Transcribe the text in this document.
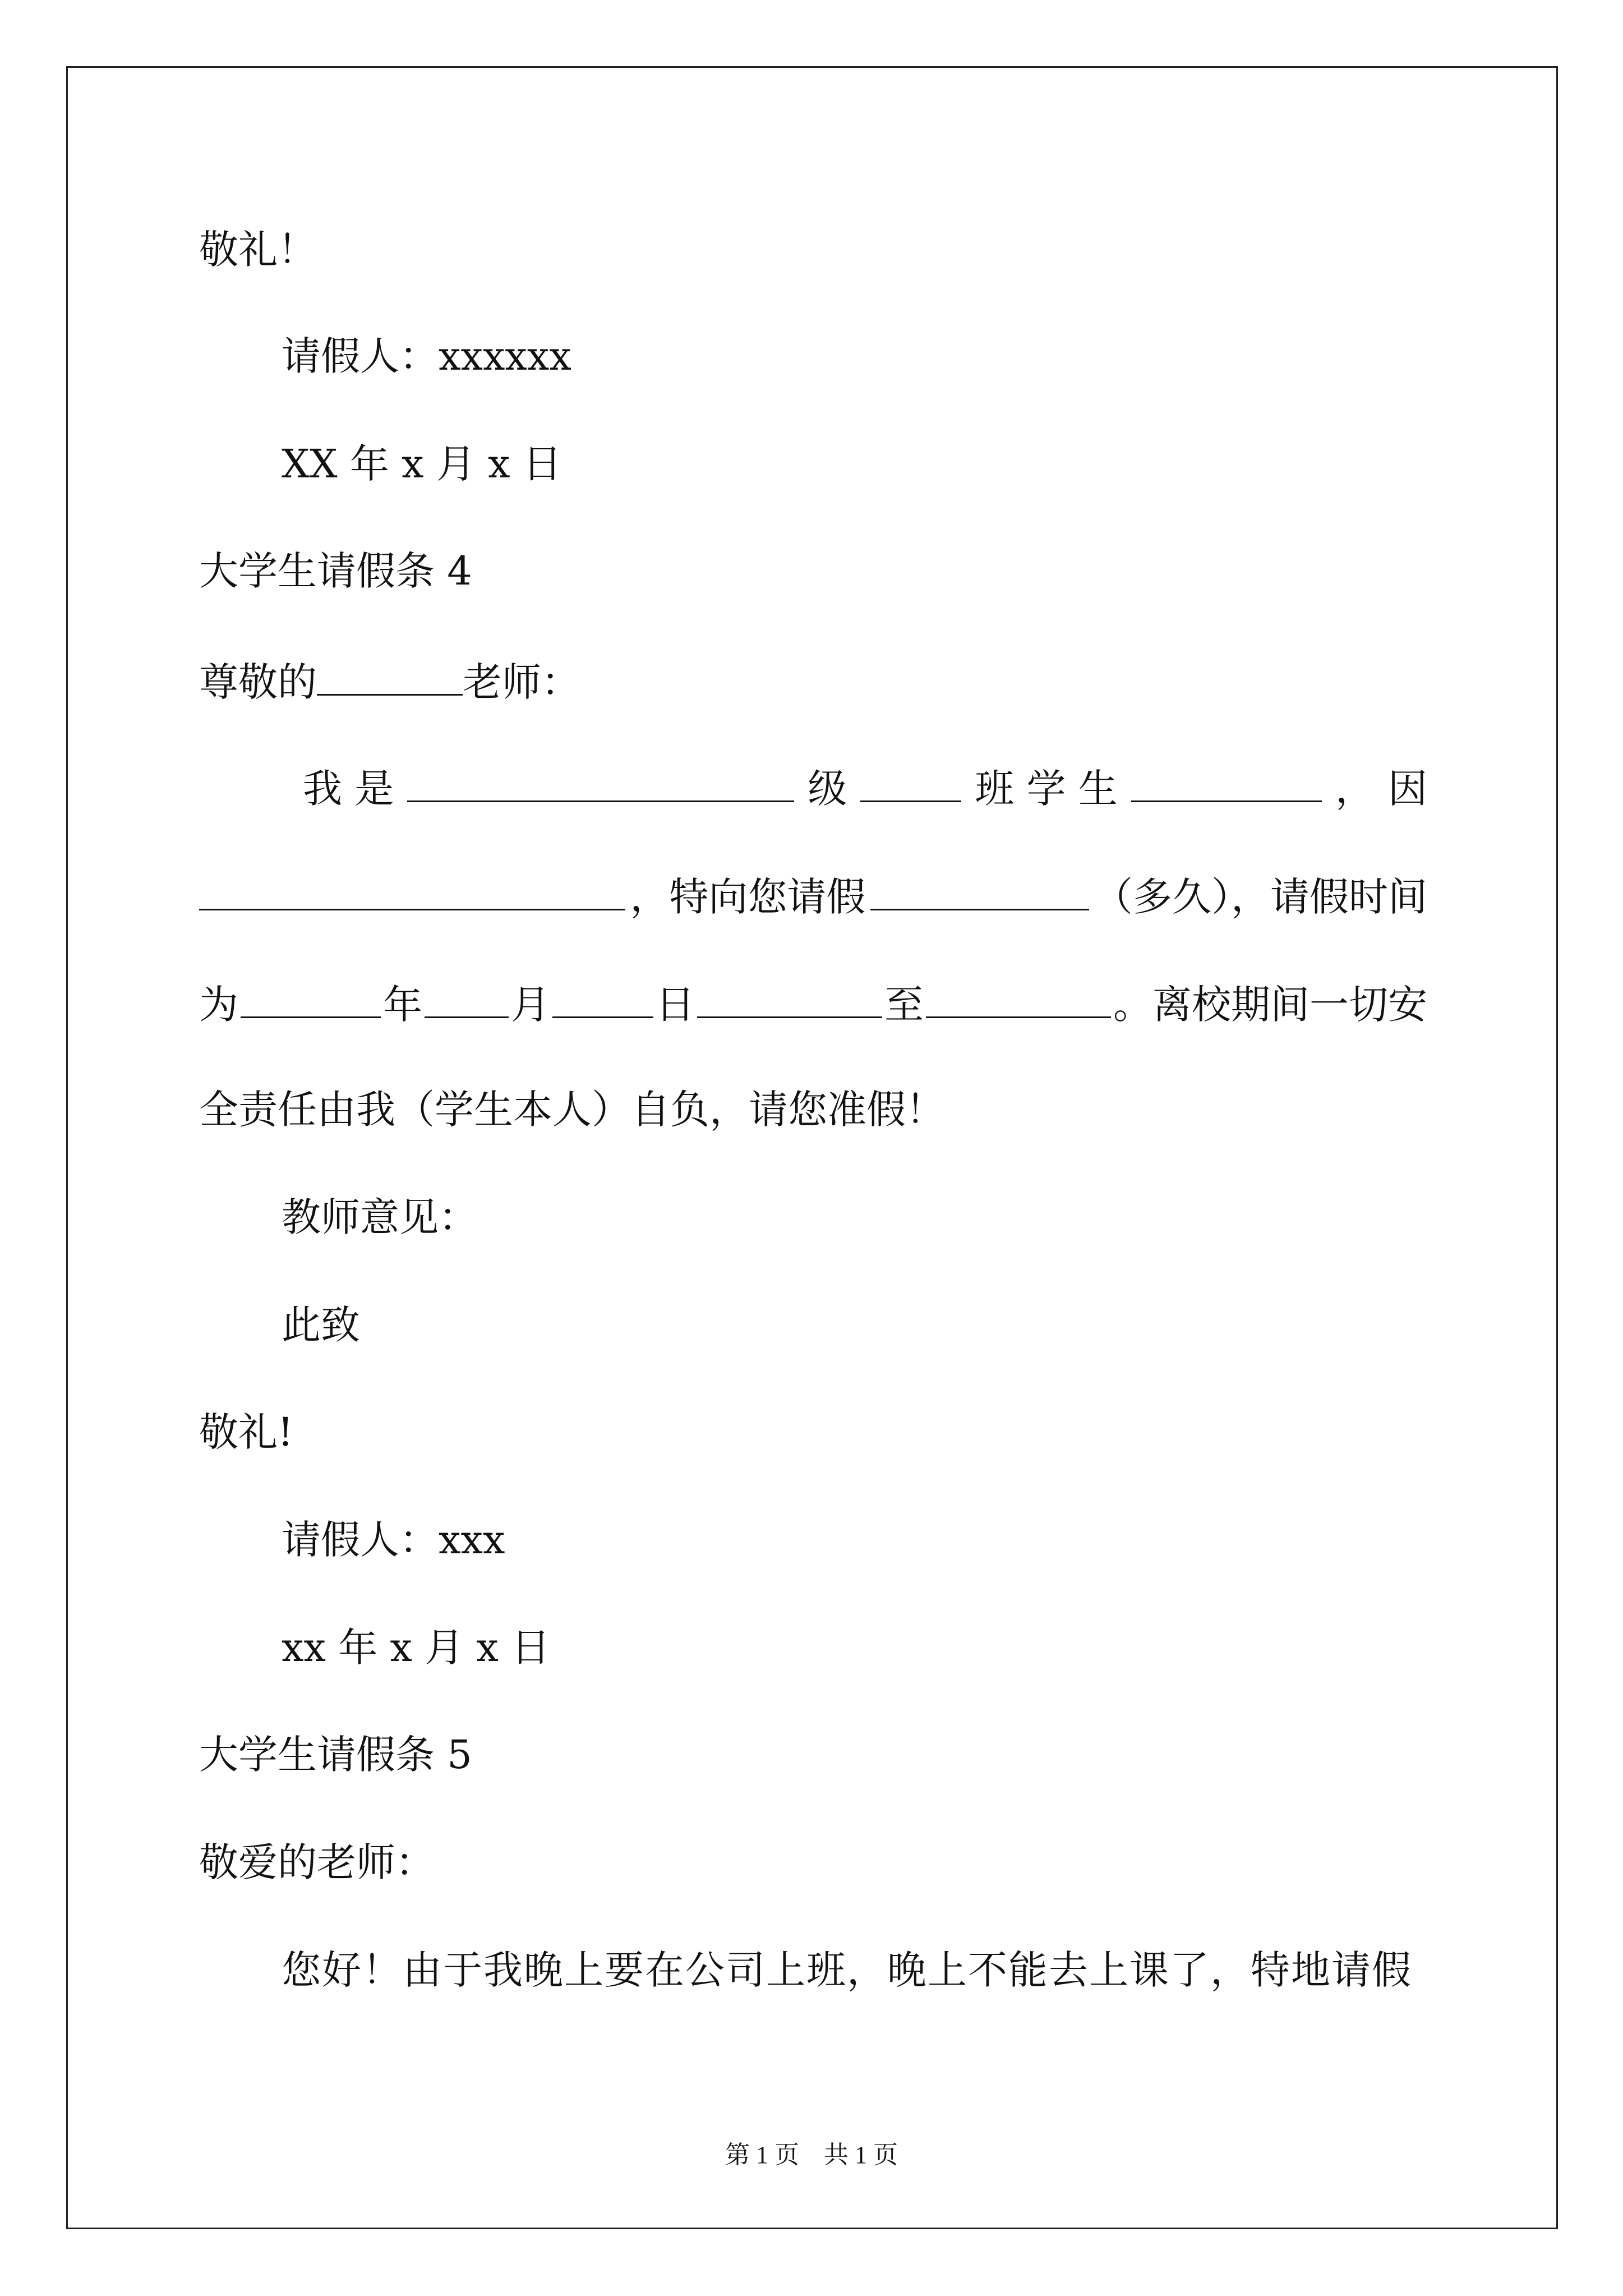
敬礼！
请假人：xxxxxx
XX 年 x 月 x 日
大学生请假条 4
尊敬的	老师：
我 是	级	班 学 生	， 因
，特向您请假	（多久），请假时间
为	年 月	日	至	。离校期间一切安
全责任由我（学生本人）自负，请您准假！
教师意见：
此致
敬礼!
请假人：xxx
xx 年 x 月 x 日
大学生请假条 5
敬爱的老师：
您好！由于我晚上要在公司上班，晚上不能去上课了，特地请假
第 1 页　共 1 页
